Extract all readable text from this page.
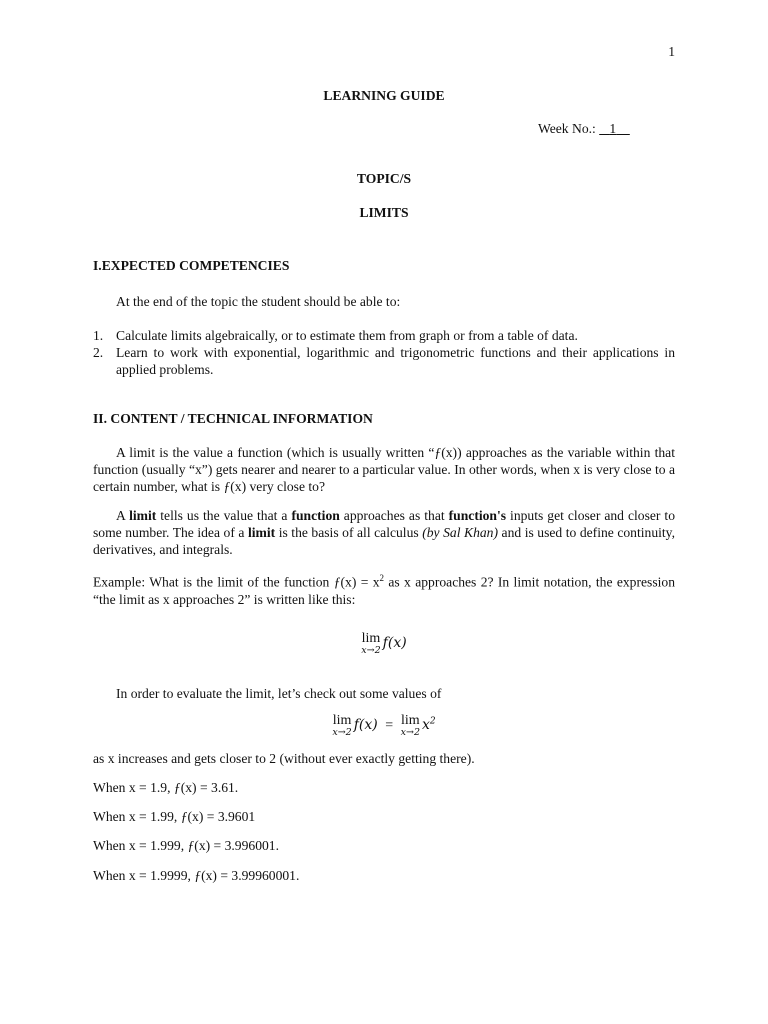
1
LEARNING GUIDE
Week No.: 1
TOPIC/S
LIMITS
I.EXPECTED COMPETENCIES
At the end of the topic the student should be able to:
1. Calculate limits algebraically, or to estimate them from graph or from a table of data.
2. Learn to work with exponential, logarithmic and trigonometric functions and their applications in applied problems.
II. CONTENT / TECHNICAL INFORMATION
A limit is the value a function (which is usually written “ƒ(x)) approaches as the variable within that function (usually “x”) gets nearer and nearer to a particular value. In other words, when x is very close to a certain number, what is ƒ(x) very close to?
A limit tells us the value that a function approaches as that function's inputs get closer and closer to some number. The idea of a limit is the basis of all calculus (by Sal Khan) and is used to define continuity, derivatives, and integrals.
Example: What is the limit of the function ƒ(x) = $x^2$ as x approaches 2? In limit notation, the expression “the limit as x approaches 2” is written like this:
lim
x→2 f(x)
In order to evaluate the limit, let’s check out some values of
lim
x→2 f(x) = lim
x→2 $x^2$
as x increases and gets closer to 2 (without ever exactly getting there).
When x = 1.9, ƒ(x) = 3.61.
When x = 1.99, ƒ(x) = 3.9601
When x = 1.999, ƒ(x) = 3.996001.
When x = 1.9999, ƒ(x) = 3.99960001.
